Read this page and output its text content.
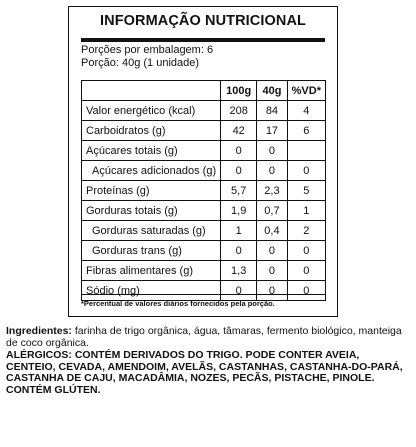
INFORMAÇÃO NUTRICIONAL
Porções por embalagem: 6
Porção: 40g (1 unidade)
	100g	40g	%VD*
Valor energético (kcal)	208	84	4
Carboidratos (g)	42	17	6
Açúcares totais (g)	0	0	
Açúcares adicionados (g)	0	0	0
Proteínas (g)	5,7	2,3	5
Gorduras totais (g)	1,9	0,7	1
Gorduras saturadas (g)	1	0,4	2
Gorduras trans (g)	0	0	0
Fibras alimentares (g)	1,3	0	0
Sódio (mg)	0	0	0
*Percentual de valores diários fornecidos pela porção.
Ingredientes: farinha de trigo orgânica, água, tâmaras, fermento biológico, manteiga de coco orgânica.
ALÉRGICOS: CONTÉM DERIVADOS DO TRIGO. PODE CONTER AVEIA, CENTEIO, CEVADA, AMENDOIM, AVELÃS, CASTANHAS, CASTANHA-DO-PARÁ, CASTANHA DE CAJU, MACADÂMIA, NOZES, PECÃS, PISTACHE, PINOLE. CONTÉM GLÚTEN.
